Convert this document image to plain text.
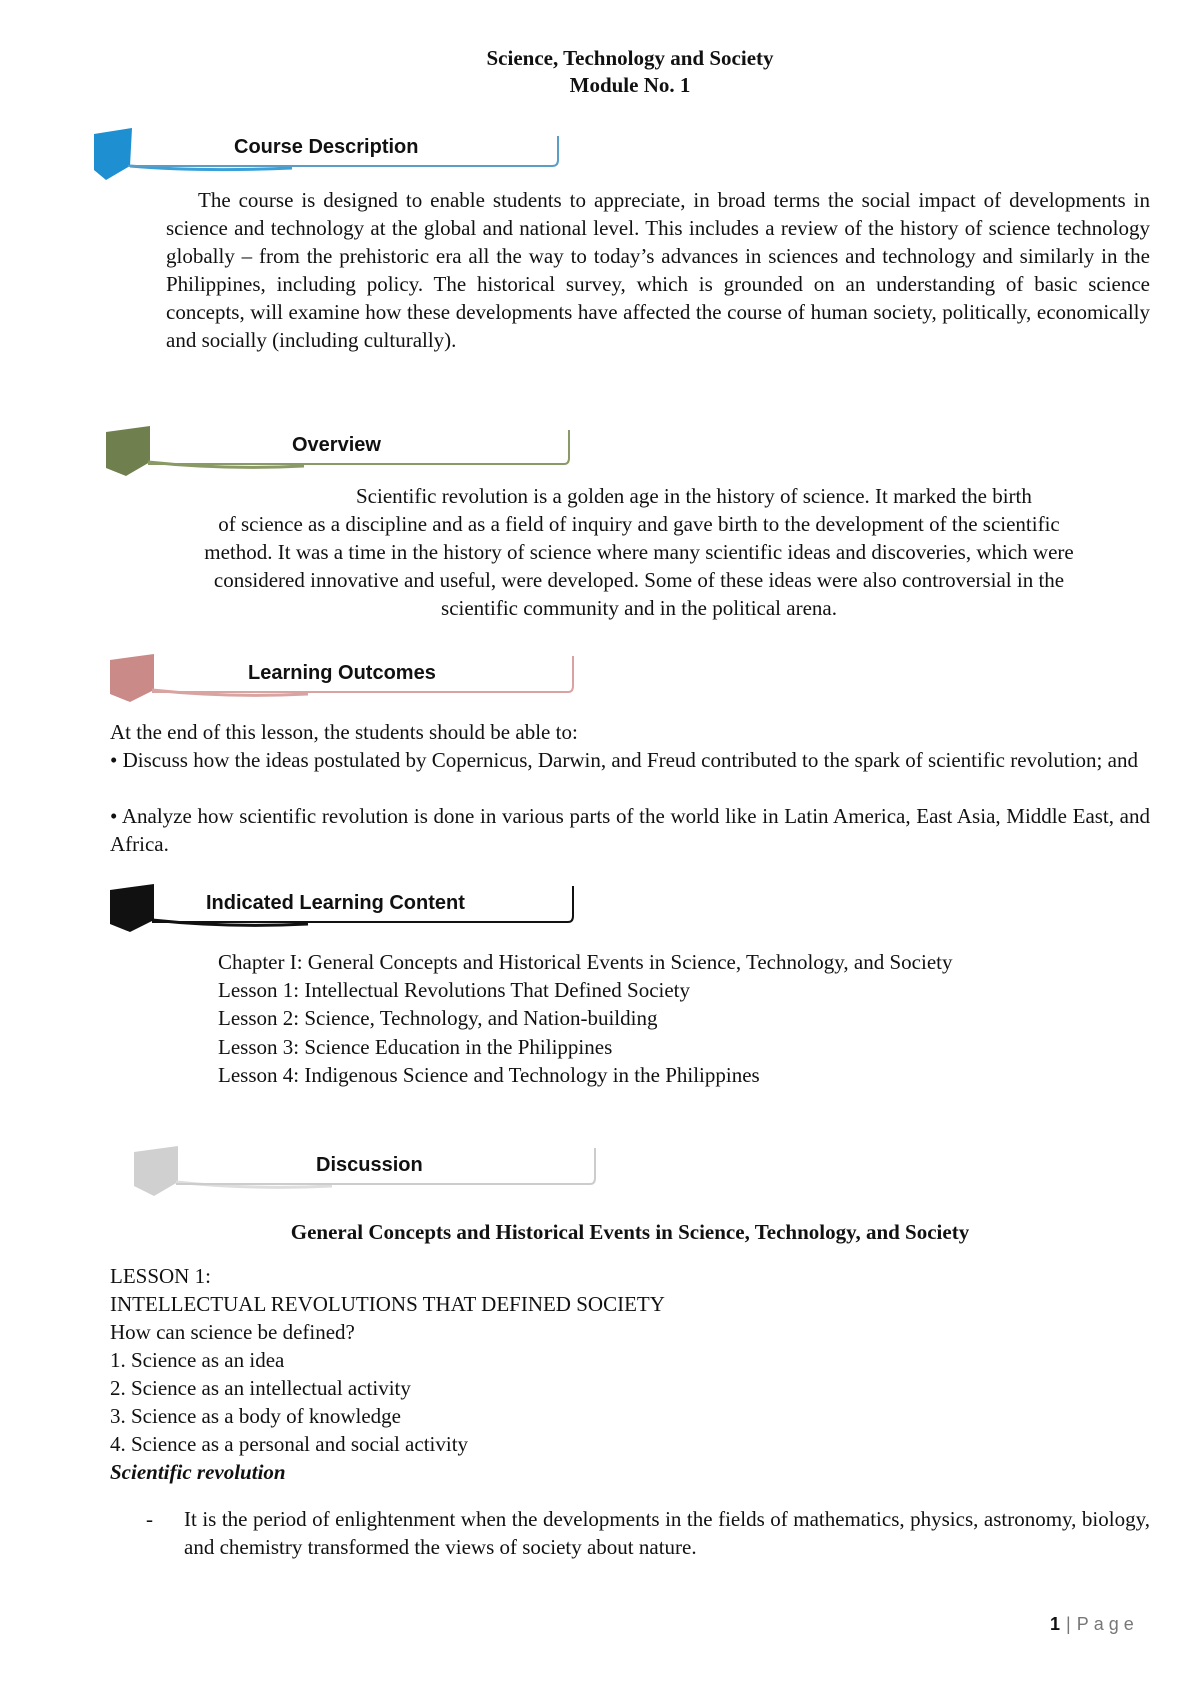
Science, Technology and Society
Module No. 1
Course Description
The course is designed to enable students to appreciate, in broad terms the social impact of developments in science and technology at the global and national level. This includes a review of the history of science technology globally – from the prehistoric era all the way to today’s advances in sciences and technology and similarly in the Philippines, including policy. The historical survey, which is grounded on an understanding of basic science concepts, will examine how these developments have affected the course of human society, politically, economically and socially (including culturally).
Overview
Scientific revolution is a golden age in the history of science. It marked the birth
of science as a discipline and as a field of inquiry and gave birth to the development of the scientific
method. It was a time in the history of science where many scientific ideas and discoveries, which were
considered innovative and useful, were developed. Some of these ideas were also controversial in the
scientific community and in the political arena.
Learning Outcomes
At the end of this lesson, the students should be able to:
• Discuss how the ideas postulated by Copernicus, Darwin, and Freud contributed to the spark of scientific revolution; and
• Analyze how scientific revolution is done in various parts of the world like in Latin America, East Asia, Middle East, and Africa.
Indicated Learning Content
Chapter I: General Concepts and Historical Events in Science, Technology, and Society
Lesson 1: Intellectual Revolutions That Defined Society
Lesson 2: Science, Technology, and Nation-building
Lesson 3: Science Education in the Philippines
Lesson 4: Indigenous Science and Technology in the Philippines
Discussion
General Concepts and Historical Events in Science, Technology, and Society
LESSON 1:
INTELLECTUAL REVOLUTIONS THAT DEFINED SOCIETY
How can science be defined?
1. Science as an idea
2. Science as an intellectual activity
3. Science as a body of knowledge
4. Science as a personal and social activity
Scientific revolution
- It is the period of enlightenment when the developments in the fields of mathematics, physics, astronomy, biology, and chemistry transformed the views of society about nature.
1 | Page
